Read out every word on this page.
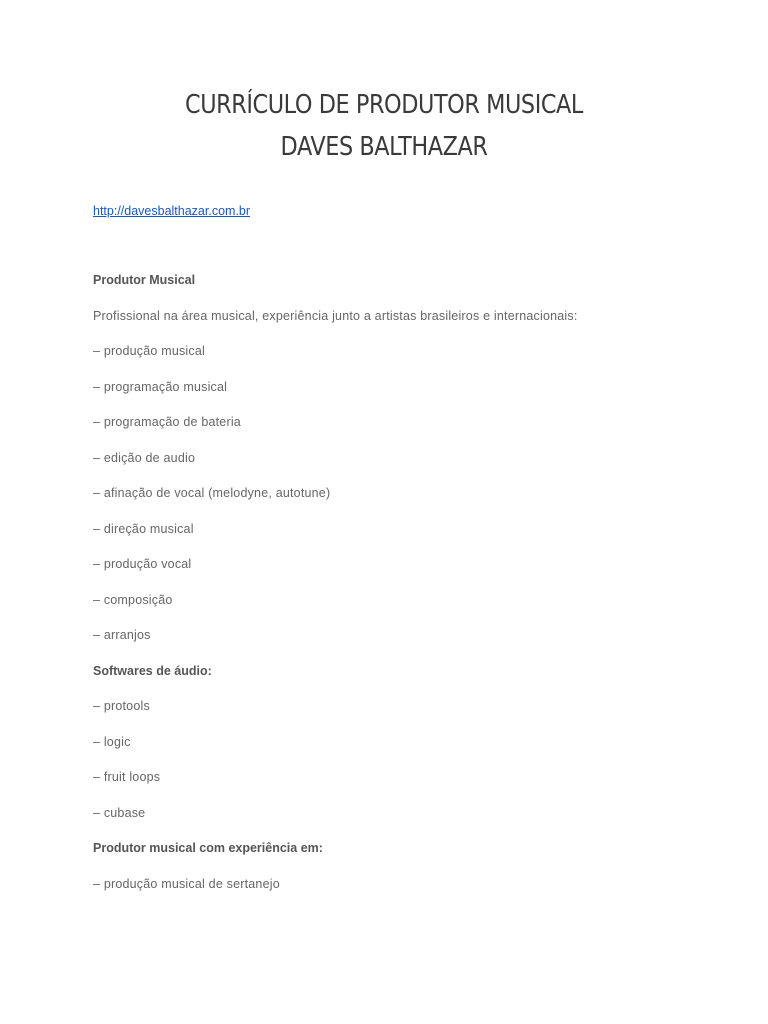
CURRÍCULO DE PRODUTOR MUSICAL
DAVES BALTHAZAR
http://davesbalthazar.com.br
Produtor Musical
Profissional na área musical, experiência junto a artistas brasileiros e internacionais:
– produção musical
– programação musical
– programação de bateria
– edição de audio
– afinação de vocal (melodyne, autotune)
– direção musical
– produção vocal
– composição
– arranjos
Softwares de áudio:
– protools
– logic
– fruit loops
– cubase
Produtor musical com experiência em:
– produção musical de sertanejo
